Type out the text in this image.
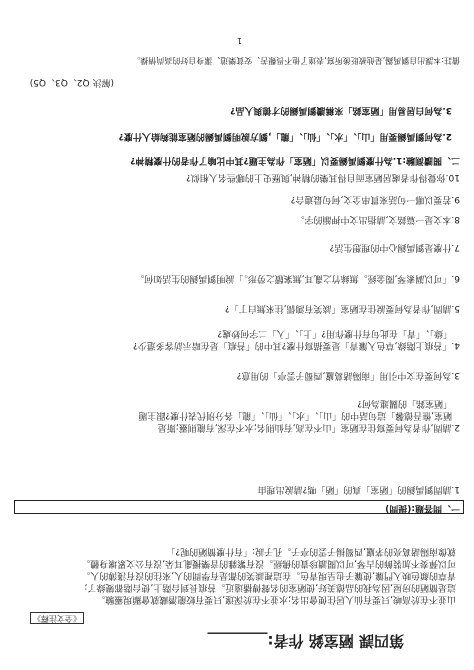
第四課 陋室銘 作者:________
《全文注釋》
山並不在於高峻,只要有仙人居住便會出名;水並不在於深邃,只要有蛟龍潛藏就會顯現靈驗。
這是簡陋的房屋,因為我的品德美好,使陋室的名聲傳播遠近。苔痕長到台階上,使台階都變綠了;
青草的顏色映入門簾,使簾子也呈現青色。在這裡談笑的都是有學問的人,來往的沒有淺薄的人。
可以彈奏不加裝飾的古琴,可以閱讀珍貴的佛經。沒有繁雜的音樂擾亂耳朵,沒有公文累壞身體。
就像南陽諸葛亮的茅廬,西蜀揚子雲的亭子。孔子說:「有什麼簡陋的呢?」
一、問答題:(提問)
1.請問劉禹錫的「陋室」真的「陋」嗎?請說出理由
2.請問,作者為何要寫住在陋室「山不在高,有仙則名;水不在深,有龍則靈;斯是
陋室,惟吾德馨」這句話中的「山」、「水」、「仙」、「龍」各分別代表什麼?跟主題
「陋室銘」的關連為何?
3.為何要在文中引用「南陽諸葛廬,西蜀子雲亭」的用意?
4.「苔痕上階綠,草色入簾青」是要描寫什麼?其中的「苔痕」是在暗示訪客多還少?
「綠」、「青」在此句有什麼作用?「上」、「入」二字何妙處?
5.請問,作者為何要說住在陋室「談笑有鴻儒,往來無白丁」?
6.「可以調素琴,閱金經。無絲竹之亂耳,無案牘之勞形。」說明劉禹錫的生活如何。
7.什麼是劉禹錫心中的理想生活?
8.本文是一篇銘文,請指出文中押韻的字。
9.若要以哪一句話來貫串全文,何句最適合?
10.你覺得作者處居陋室而自得其樂的精神,與歷史上的哪些名人相似?
二、閱讀測驗:1.為什麼劉禹錫要以「陋室」作為主題?其中比喻了作者的什麼精神?
2.為何劉禹錫要用「山」、「水」、「仙」、「龍」,劉方說明劉禹錫的陋室能夠給人什麼?
3.為何白居易用「陋室銘」來稱讚劉禹錫的才德與人品?
(解決 Q2、Q3、Q5)
備註:本課出自劉禹錫,是他被貶後所寫,表達了他不畏艱苦、安貧樂道、潔身自好的高尚情操。
1
